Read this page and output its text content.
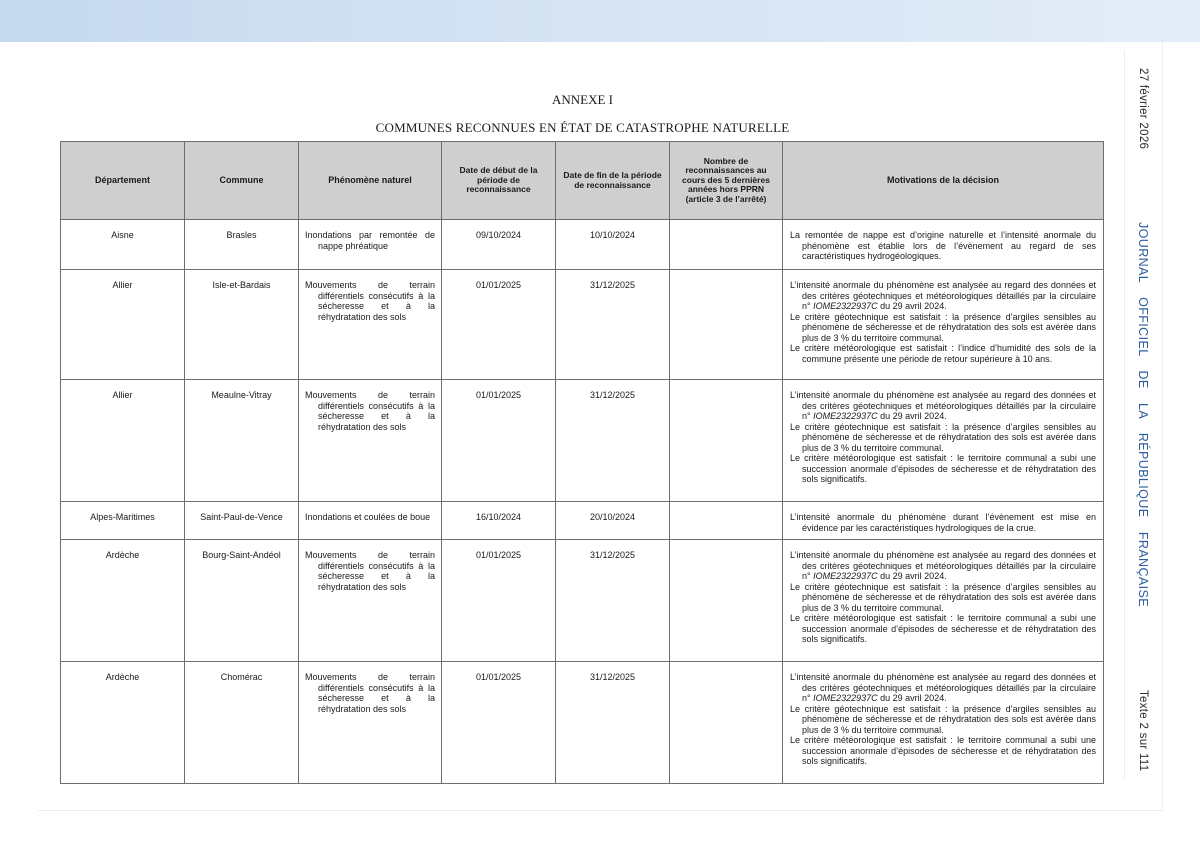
ANNEXE I
COMMUNES RECONNUES EN ÉTAT DE CATASTROPHE NATURELLE	27 février 2026
JOURNAL OFFICIEL DE LA RÉPUBLIQUE FRANÇAISE
Texte 2 sur 111
Département	Commune	Phénomène naturel	Date de début de la période de reconnaissance	Date de fin de la période de reconnaissance	Nombre de reconnaissances au cours des 5 dernières années hors PPRN (article 3 de l’arrêté)	Motivations de la décision
Aisne	Brasles	Inondations par remontée de nappe phréatique	09/10/2024	10/10/2024		La remontée de nappe est d’origine naturelle et l’intensité anormale du phénomène est établie lors de l’évènement au regard de ses caractéristiques hydrogéologiques.

Allier	Isle-et-Bardais	Mouvements de terrain différentiels consécutifs à la sécheresse et à la réhydratation des sols	01/01/2025	31/12/2025		L’intensité anormale du phénomène est analysée au regard des données et des critères géotechniques et météorologiques détaillés par la circulaire n° IOME2322937C du 29 avril 2024.

Le critère géotechnique est satisfait : la présence d’argiles sensibles au phénomène de sécheresse et de réhydratation des sols est avérée dans plus de 3 % du territoire communal.

Le critère météorologique est satisfait : l’indice d’humidité des sols de la commune présente une période de retour supérieure à 10 ans.

Allier	Meaulne-Vitray	Mouvements de terrain différentiels consécutifs à la sécheresse et à la réhydratation des sols	01/01/2025	31/12/2025		L’intensité anormale du phénomène est analysée au regard des données et des critères géotechniques et météorologiques détaillés par la circulaire n° IOME2322937C du 29 avril 2024.

Le critère géotechnique est satisfait : la présence d’argiles sensibles au phénomène de sécheresse et de réhydratation des sols est avérée dans plus de 3 % du territoire communal.

Le critère météorologique est satisfait : le territoire communal a subi une succession anormale d’épisodes de sécheresse et de réhydratation des sols significatifs.

Alpes-Maritimes	Saint-Paul-de-Vence	Inondations et coulées de boue	16/10/2024	20/10/2024		L’intensité anormale du phénomène durant l’évènement est mise en évidence par les caractéristiques hydrologiques de la crue.

Ardèche	Bourg-Saint-Andéol	Mouvements de terrain différentiels consécutifs à la sécheresse et à la réhydratation des sols	01/01/2025	31/12/2025		L’intensité anormale du phénomène est analysée au regard des données et des critères géotechniques et météorologiques détaillés par la circulaire n° IOME2322937C du 29 avril 2024.

Le critère géotechnique est satisfait : la présence d’argiles sensibles au phénomène de sécheresse et de réhydratation des sols est avérée dans plus de 3 % du territoire communal.

Le critère météorologique est satisfait : le territoire communal a subi une succession anormale d’épisodes de sécheresse et de réhydratation des sols significatifs.

Ardèche	Chomérac	Mouvements de terrain différentiels consécutifs à la sécheresse et à la réhydratation des sols	01/01/2025	31/12/2025		L’intensité anormale du phénomène est analysée au regard des données et des critères géotechniques et météorologiques détaillés par la circulaire n° IOME2322937C du 29 avril 2024.

Le critère géotechnique est satisfait : la présence d’argiles sensibles au phénomène de sécheresse et de réhydratation des sols est avérée dans plus de 3 % du territoire communal.

Le critère météorologique est satisfait : le territoire communal a subi une succession anormale d’épisodes de sécheresse et de réhydratation des sols significatifs.
